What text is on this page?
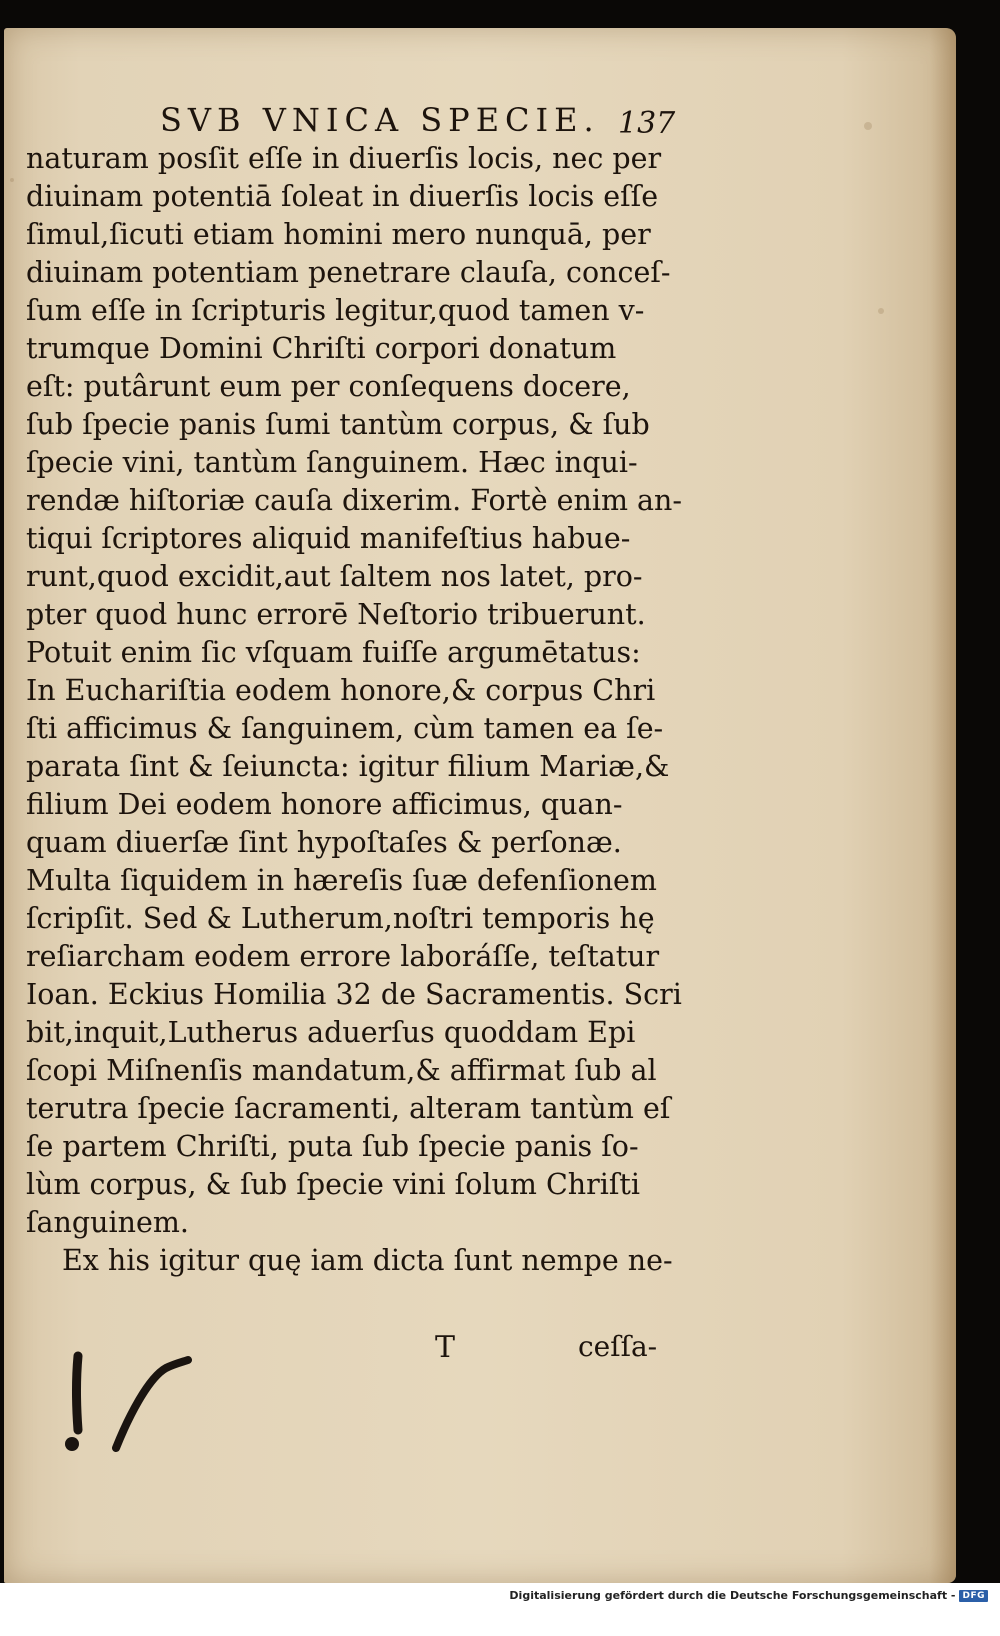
SVB VNICA SPECIE. 137
naturam posſit eſſe in diuerſis locis, nec per
diuinam potentiā ſoleat in diuerſis locis eſſe
ſimul,ſicuti etiam homini mero nunquā, per
diuinam potentiam penetrare clauſa, conceſ-
ſum eſſe in ſcripturis legitur,quod tamen v-
trumque Domini Chriſti corpori donatum
eſt: putârunt eum per conſequens docere,
ſub ſpecie panis ſumi tantùm corpus, & ſub
ſpecie vini, tantùm ſanguinem. Hæc inqui-
rendæ hiſtoriæ cauſa dixerim. Fortè enim an-
tiqui ſcriptores aliquid manifeſtius habue-
runt,quod excidit,aut ſaltem nos latet, pro-
pter quod hunc errorē Neſtorio tribuerunt.
Potuit enim ſic vſquam fuiſſe argumētatus:
In Euchariſtia eodem honore,& corpus Chri
ſti afficimus & ſanguinem, cùm tamen ea ſe-
parata ſint & ſeiuncta: igitur filium Mariæ,&
filium Dei eodem honore afficimus, quan-
quam diuerſæ ſint hypoſtaſes & perſonæ.
Multa ſiquidem in hæreſis ſuæ defenſionem
ſcripſit. Sed & Lutherum,noſtri temporis hę
reſiarcham eodem errore laboráſſe, teſtatur
Ioan. Eckius Homilia 32 de Sacramentis. Scri
bit,inquit,Lutherus aduerſus quoddam Epi
ſcopi Miſnenſis mandatum,& affirmat ſub al
terutra ſpecie ſacramenti, alteram tantùm eſ
ſe partem Chriſti, puta ſub ſpecie panis ſo-
lùm corpus, & ſub ſpecie vini ſolum Chriſti
ſanguinem.
Ex his igitur quę iam dicta ſunt nempe ne-
T	ceſſa-
Digitalisierung gefördert durch die Deutsche Forschungsgemeinschaft - DFG
